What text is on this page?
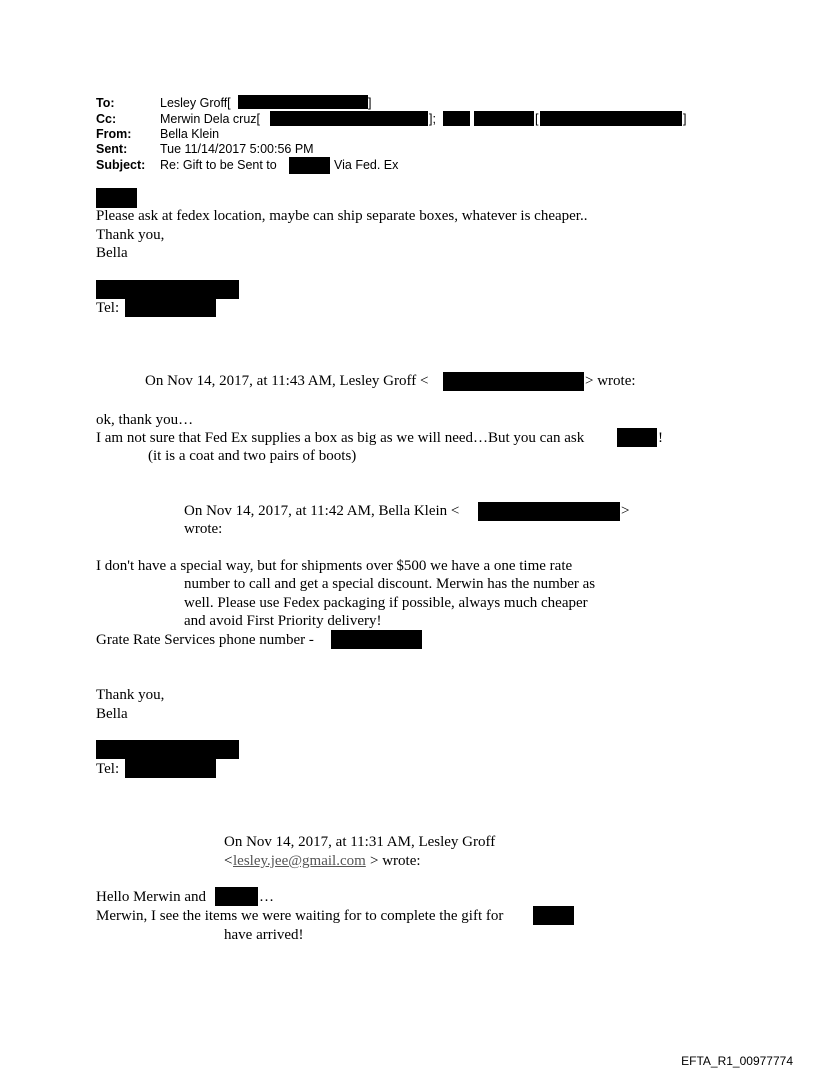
To:	Lesley Groff[	]
Cc:	Merwin Dela cruz[	];	[	]
From: Bella Klein
Sent:	Tue 11/14/2017 5:00:56 PM
Subject: Re: Gift to be Sent to	Via Fed. Ex
Please ask at fedex location, maybe can ship separate boxes, whatever is cheaper..
Thank you,
Bella
Tel:
On Nov 14, 2017, at 11:43 AM, Lesley Groff <	> wrote:
ok, thank you…
I am not sure that Fed Ex supplies a box as big as we will need…But you can ask	!
(it is a coat and two pairs of boots)
On Nov 14, 2017, at 11:42 AM, Bella Klein <	>
wrote:
I don't have a special way, but for shipments over $500 we have a one time rate
number to call and get a special discount. Merwin has the number as
well. Please use Fedex packaging if possible, always much cheaper
and avoid First Priority delivery!
Grate Rate Services phone number -
Thank you,
Bella
Tel:
On Nov 14, 2017, at 11:31 AM, Lesley Groff
< lesley.jee@gmail.com > wrote:
Hello Merwin and	…
Merwin, I see the items we were waiting for to complete the gift for
have arrived!
EFTA_R1_00977774
